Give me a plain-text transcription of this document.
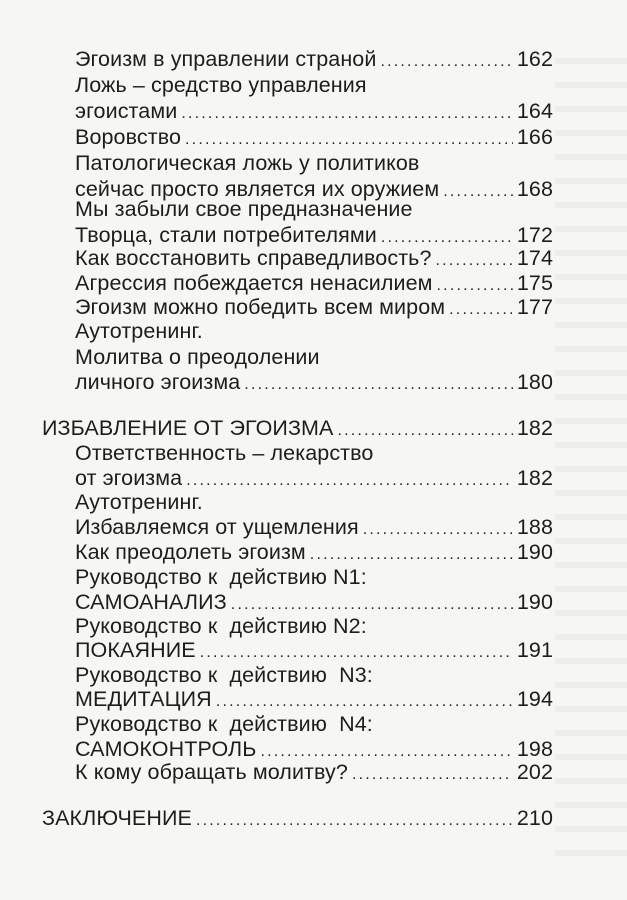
Эгоизм в управлении страной .....	162
Ложь – средство управления
эгоистами .....	164
Воровство .....	166
Патологическая ложь у политиков
сейчас просто является их оружием .....	168
Мы забыли свое предназначение
Творца, стали потребителями .....	172
Как восстановить справедливость? .....	174
Агрессия побеждается ненасилием .....	175
Эгоизм можно победить всем миром .....	177
Аутотренинг.
Молитва о преодолении
личного эгоизма .....	180
ИЗБАВЛЕНИЕ ОТ ЭГОИЗМА .....	182
Ответственность – лекарство
от эгоизма .....	182
Аутотренинг.
Избавляемся от ущемления .....	188
Как преодолеть эгоизм .....	190
Руководство к  действию N1:
САМОАНАЛИЗ .....	190
Руководство к  действию N2:
ПОКАЯНИЕ .....	191
Руководство к  действию  N3:
МЕДИТАЦИЯ .....	194
Руководство к  действию  N4:
САМОКОНТРОЛЬ .....	198
К кому обращать молитву? .....	202
ЗАКЛЮЧЕНИЕ .....	210
